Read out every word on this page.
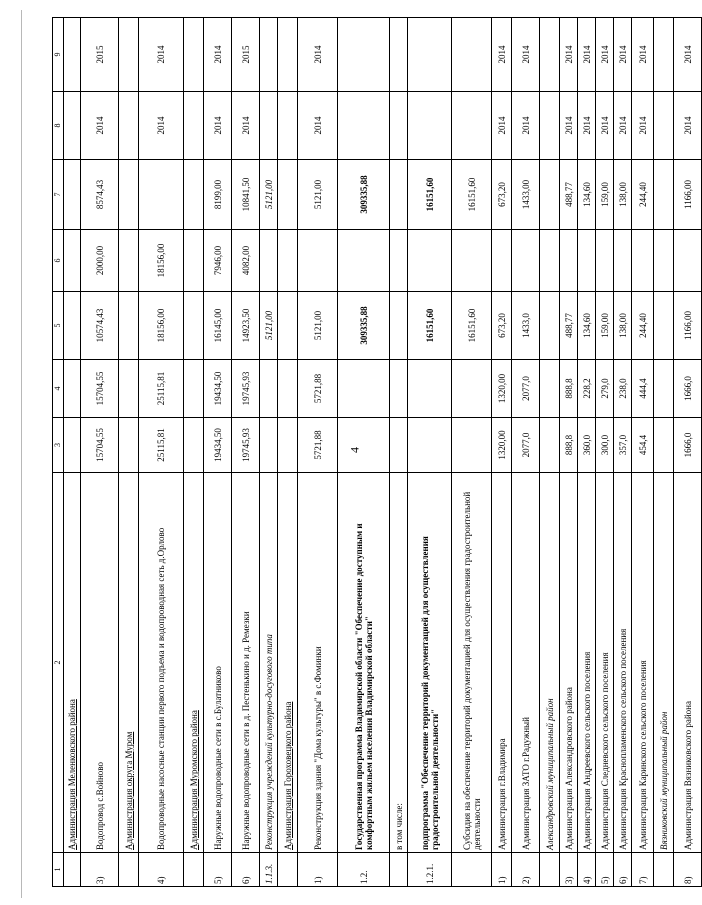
4
1	2	3	4	5	6	7	8	9
	Администрация Меленковского района							
3)	Водопровод с.Войново	15704,55	15704,55	10574,43	2000,00	8574,43	2014	2015
	Администрация округа Муром							
4)	Водопроводные насосные станции первого подъема и водопроводная сеть д.Орлово	25115,81	25115,81	18156,00	18156,00		2014	2014
	Администрация Муромского района							
5)	Наружные водопроводные сети в с.Булатниково	19434,50	19434,50	16145,00	7946,00	8199,00	2014	2014
6)	Наружные водопроводные сети в д. Пестенькино и д. Ремезки	19745,93	19745,93	14923,50	4082,00	10841,50	2014	2015
1.1.3.	Реконструкция учреждений культурно-досугового типа			5121,00		5121,00		
	Администрация Гороховецкого района							
1)	Реконструкция здания "Дома культуры" в с.Фоминки	5721,88	5721,88	5121,00		5121,00	2014	2014
1.2.	Государственная программа Владимирской области "Обеспечение доступным и комфортным жильем населения Владимирской области"			309335,88		309335,88		
	в том числе:							
1.2.1.	подпрограмма "Обеспечение территорий документацией для осуществления градостроительной деятельности"			16151,60		16151,60		
	Субсидия на обеспечение территорий документацией для осуществления градостроительной деятельности			16151,60		16151,60		
1)	Администрация г.Владимира	1320,00	1320,00	673,20		673,20	2014	2014
2)	Администрация ЗАТО г.Радужный	2077,0	2077,0	1433,0		1433,00	2014	2014
	Александровский муниципальный район							
3)	Администрация Александровского района	888,8	888,8	488,77		488,77	2014	2014
4)	Администрация Андреевского сельского поселения	360,0	228,2	134,60		134,60	2014	2014
5)	Администрация Следневского сельского поселения	300,0	279,0	159,00		159,00	2014	2014
6)	Администрация Краснопламенского сельского поселения	357,0	238,0	138,00		138,00	2014	2014
7)	Администрация Каринского сельского поселения	454,4	444,4	244,40		244,40	2014	2014
	Вязниковский муниципальный район							
8)	Администрация Вязниковского района	1666,0	1666,0	1166,00		1166,00	2014	2014
